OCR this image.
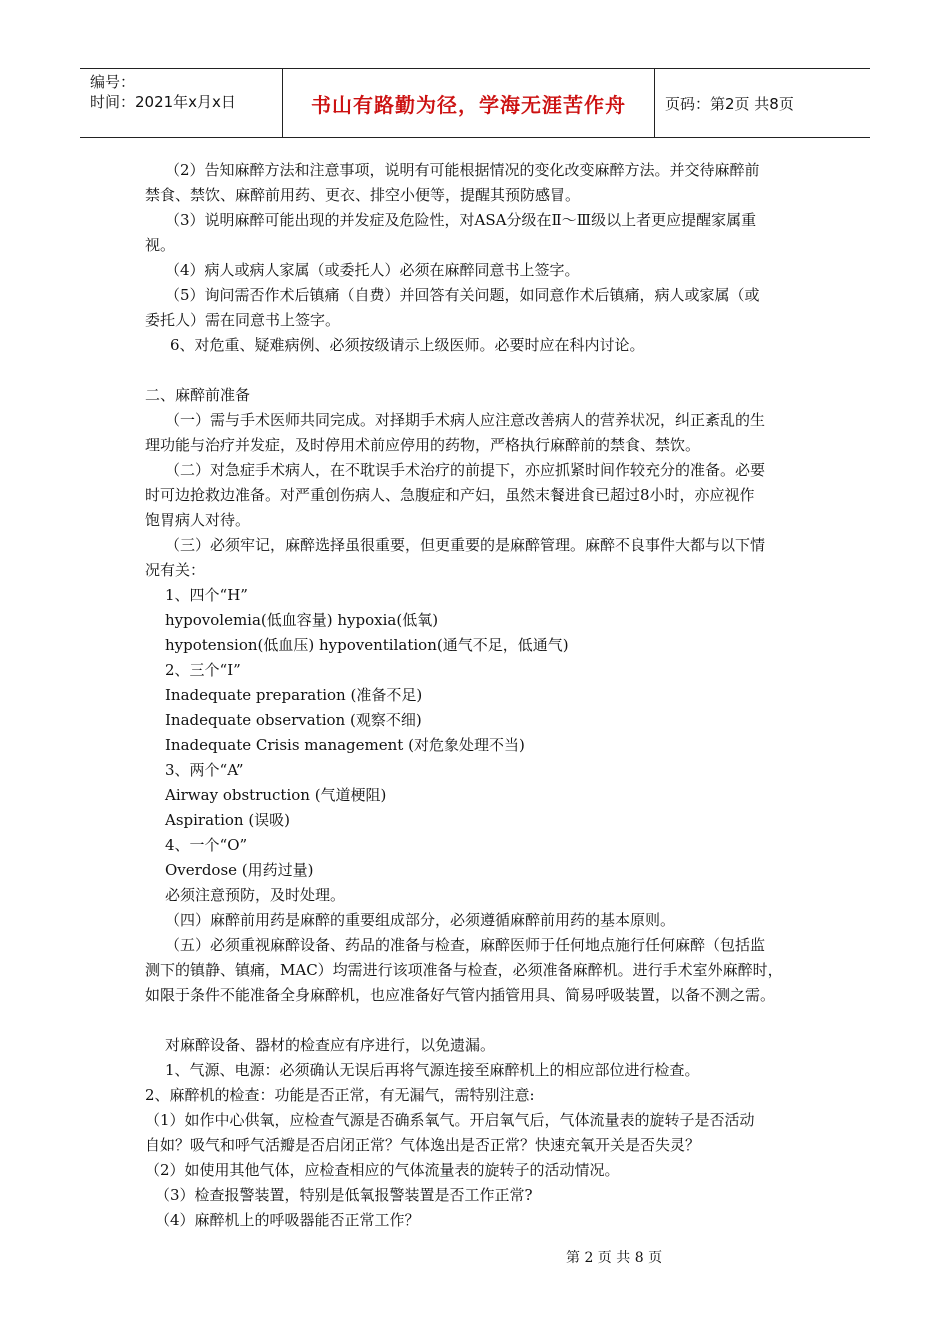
编号：
时间：2021年x月x日	书山有路勤为径，学海无涯苦作舟	页码：第2页 共8页
（2）告知麻醉方法和注意事项，说明有可能根据情况的变化改变麻醉方法。并交待麻醉前
禁食、禁饮、麻醉前用药、更衣、排空小便等，提醒其预防感冒。
（3）说明麻醉可能出现的并发症及危险性，对ASA分级在Ⅱ～Ⅲ级以上者更应提醒家属重
视。
（4）病人或病人家属（或委托人）必须在麻醉同意书上签字。
（5）询问需否作术后镇痛（自费）并回答有关问题，如同意作术后镇痛，病人或家属（或
委托人）需在同意书上签字。
6、对危重、疑难病例、必须按级请示上级医师。必要时应在科内讨论。
二、麻醉前准备
（一）需与手术医师共同完成。对择期手术病人应注意改善病人的营养状况，纠正紊乱的生
理功能与治疗并发症，及时停用术前应停用的药物，严格执行麻醉前的禁食、禁饮。
（二）对急症手术病人，在不耽误手术治疗的前提下，亦应抓紧时间作较充分的准备。必要
时可边抢救边准备。对严重创伤病人、急腹症和产妇，虽然末餐进食已超过8小时，亦应视作
饱胃病人对待。
（三）必须牢记，麻醉选择虽很重要，但更重要的是麻醉管理。麻醉不良事件大都与以下情
况有关：
1、四个“H”
hypovolemia(低血容量) hypoxia(低氧)
hypotension(低血压) hypoventilation(通气不足，低通气)
2、三个“I”
Inadequate preparation (准备不足)
Inadequate observation (观察不细)
Inadequate Crisis management (对危象处理不当)
3、两个“A”
Airway obstruction (气道梗阻)
Aspiration (误吸)
4、一个“O”
Overdose (用药过量)
必须注意预防，及时处理。
（四）麻醉前用药是麻醉的重要组成部分，必须遵循麻醉前用药的基本原则。
（五）必须重视麻醉设备、药品的准备与检查，麻醉医师于任何地点施行任何麻醉（包括监
测下的镇静、镇痛，MAC）均需进行该项准备与检查，必须准备麻醉机。进行手术室外麻醉时，
如限于条件不能准备全身麻醉机，也应准备好气管内插管用具、简易呼吸装置，以备不测之需。
对麻醉设备、器材的检查应有序进行，以免遗漏。
1、气源、电源：必须确认无误后再将气源连接至麻醉机上的相应部位进行检查。
2、麻醉机的检查：功能是否正常，有无漏气，需特别注意:
（1）如作中心供氧，应检查气源是否确系氧气。开启氧气后，气体流量表的旋转子是否活动
自如？吸气和呼气活瓣是否启闭正常？气体逸出是否正常？快速充氧开关是否失灵？
（2）如使用其他气体，应检查相应的气体流量表的旋转子的活动情况。
（3）检查报警装置，特别是低氧报警装置是否工作正常?
（4）麻醉机上的呼吸器能否正常工作？
第 2 页 共 8 页
